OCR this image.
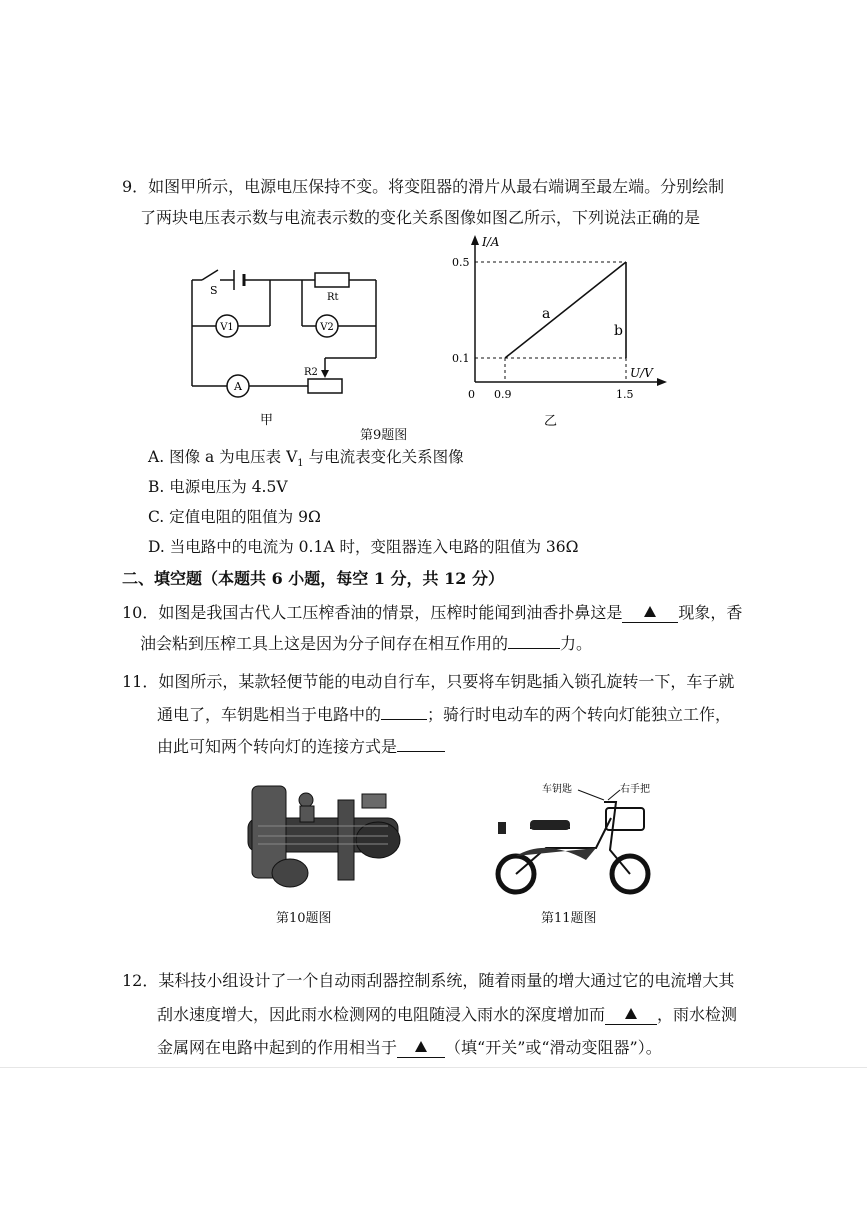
9．如图甲所示，电源电压保持不变。将变阻器的滑片从最右端调至最左端。分别绘制
了两块电压表示数与电流表示数的变化关系图像如图乙所示，下列说法正确的是
S
Rt
V1	V2
A
R2
甲
I/A
U/V
0
0.5
0.1
0.9	1.5
a
b
乙
第9题图
A. 图像 a 为电压表 $V_1$ 与电流表变化关系图像
B. 电源电压为 4.5V
C. 定值电阻的阻值为 9Ω
D. 当电路中的电流为 0.1A 时，变阻器连入电路的阻值为 36Ω
二、填空题（本题共 6 小题，每空 1 分，共 12 分）
10．如图是我国古代人工压榨香油的情景，压榨时能闻到油香扑鼻这是	现象，香
油会粘到压榨工具上这是因为分子间存在相互作用的	力。
11．如图所示，某款轻便节能的电动自行车，只要将车钥匙插入锁孔旋转一下，车子就
通电了，车钥匙相当于电路中的	；骑行时电动车的两个转向灯能独立工作，
由此可知两个转向灯的连接方式是
第10题图
车钥匙	右手把
第11题图
12．某科技小组设计了一个自动雨刮器控制系统，随着雨量的增大通过它的电流增大其
刮水速度增大，因此雨水检测网的电阻随浸入雨水的深度增加而	，雨水检测
金属网在电路中起到的作用相当于	（填“开关”或“滑动变阻器”）。
